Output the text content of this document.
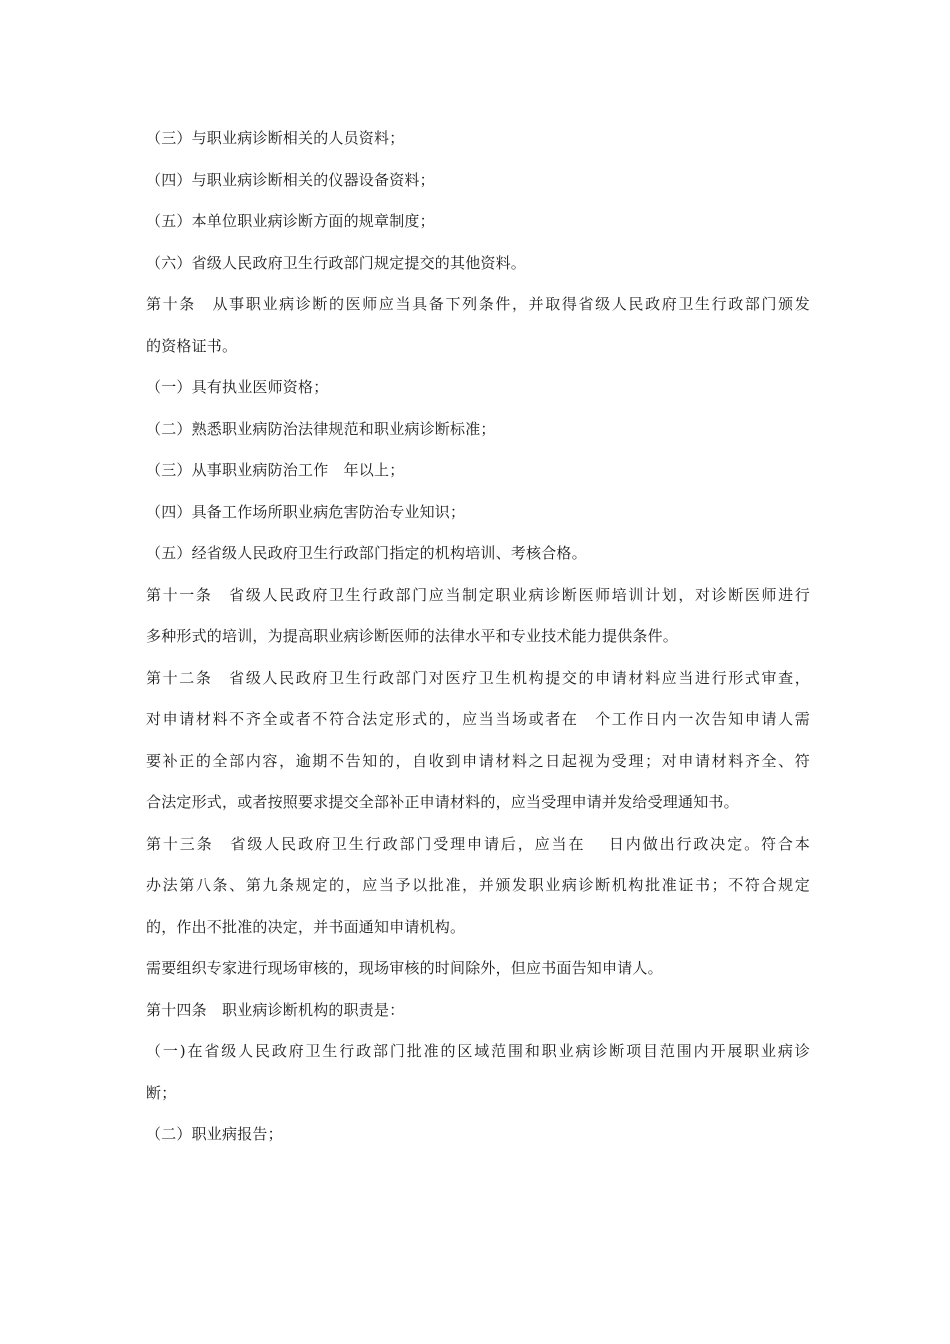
（三）与职业病诊断相关的人员资料；
（四）与职业病诊断相关的仪器设备资料；
（五）本单位职业病诊断方面的规章制度；
（六）省级人民政府卫生行政部门规定提交的其他资料。
第十条　从事职业病诊断的医师应当具备下列条件，并取得省级人民政府卫生行政部门颁发
的资格证书。
（一）具有执业医师资格；
（二）熟悉职业病防治法律规范和职业病诊断标准；
（三）从事职业病防治工作　年以上；
（四）具备工作场所职业病危害防治专业知识；
（五）经省级人民政府卫生行政部门指定的机构培训、考核合格。
第十一条　省级人民政府卫生行政部门应当制定职业病诊断医师培训计划，对诊断医师进行
多种形式的培训，为提高职业病诊断医师的法律水平和专业技术能力提供条件。
第十二条　省级人民政府卫生行政部门对医疗卫生机构提交的申请材料应当进行形式审查，
对申请材料不齐全或者不符合法定形式的，应当当场或者在　个工作日内一次告知申请人需
要补正的全部内容，逾期不告知的，自收到申请材料之日起视为受理；对申请材料齐全、符
合法定形式，或者按照要求提交全部补正申请材料的，应当受理申请并发给受理通知书。
第十三条　省级人民政府卫生行政部门受理申请后，应当在　 日内做出行政决定。符合本
办法第八条、第九条规定的，应当予以批准，并颁发职业病诊断机构批准证书；不符合规定
的，作出不批准的决定，并书面通知申请机构。
需要组织专家进行现场审核的，现场审核的时间除外，但应书面告知申请人。
第十四条　职业病诊断机构的职责是：
（一)在省级人民政府卫生行政部门批准的区域范围和职业病诊断项目范围内开展职业病诊
断；
（二）职业病报告；
